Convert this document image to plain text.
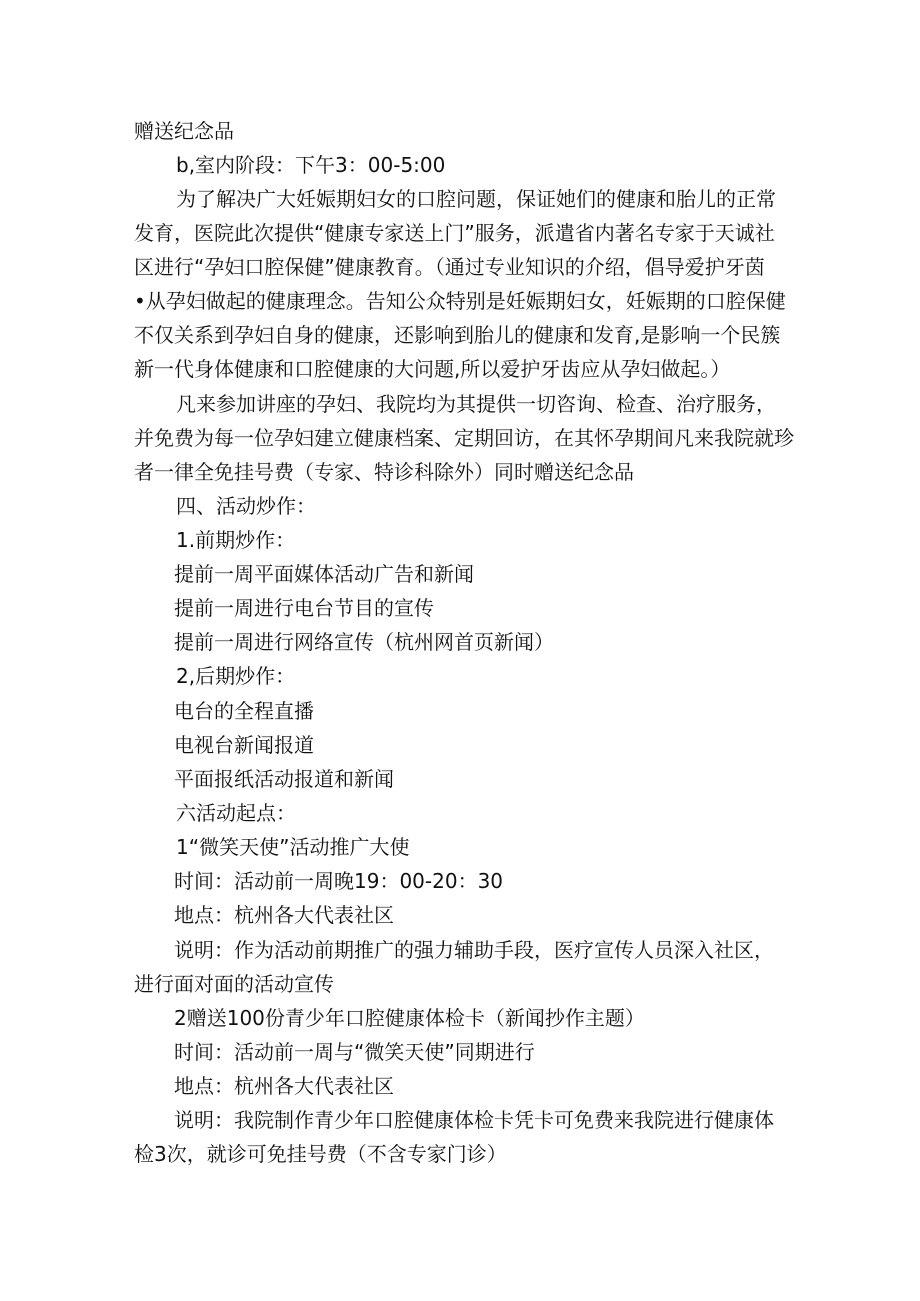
赠送纪念品
b,室内阶段：下午3：00-5:00
为了解决广大妊娠期妇女的口腔问题，保证她们的健康和胎儿的正常
发育，医院此次提供“健康专家送上门”服务，派遣省内著名专家于天诚社
区进行“孕妇口腔保健”健康教育。（通过专业知识的介绍，倡导爱护牙茵
•从孕妇做起的健康理念。告知公众特别是妊娠期妇女，妊娠期的口腔保健
不仅关系到孕妇自身的健康，还影响到胎儿的健康和发育,是影响一个民簇
新一代身体健康和口腔健康的大问题,所以爱护牙齿应从孕妇做起。）
凡来参加讲座的孕妇、我院均为其提供一切咨询、检查、治疗服务，
并免费为每一位孕妇建立健康档案、定期回访，在其怀孕期间凡来我院就珍
者一律全免挂号费（专家、特诊科除外）同时赠送纪念品
四、活动炒作：
1.前期炒作：
提前一周平面媒体活动广告和新闻
提前一周进行电台节目的宣传
提前一周进行网络宣传（杭州网首页新闻）
2,后期炒作：
电台的全程直播
电视台新闻报道
平面报纸活动报道和新闻
六活动起点：
1“微笑天使”活动推广大使
时间：活动前一周晚19：00-20：30
地点：杭州各大代表社区
说明：作为活动前期推广的强力辅助手段，医疗宣传人员深入社区，
进行面对面的活动宣传
2赠送100份青少年口腔健康体检卡（新闻抄作主题）
时间：活动前一周与“微笑天使”同期进行
地点：杭州各大代表社区
说明：我院制作青少年口腔健康体检卡凭卡可免费来我院进行健康体
检3次，就诊可免挂号费（不含专家门诊）
